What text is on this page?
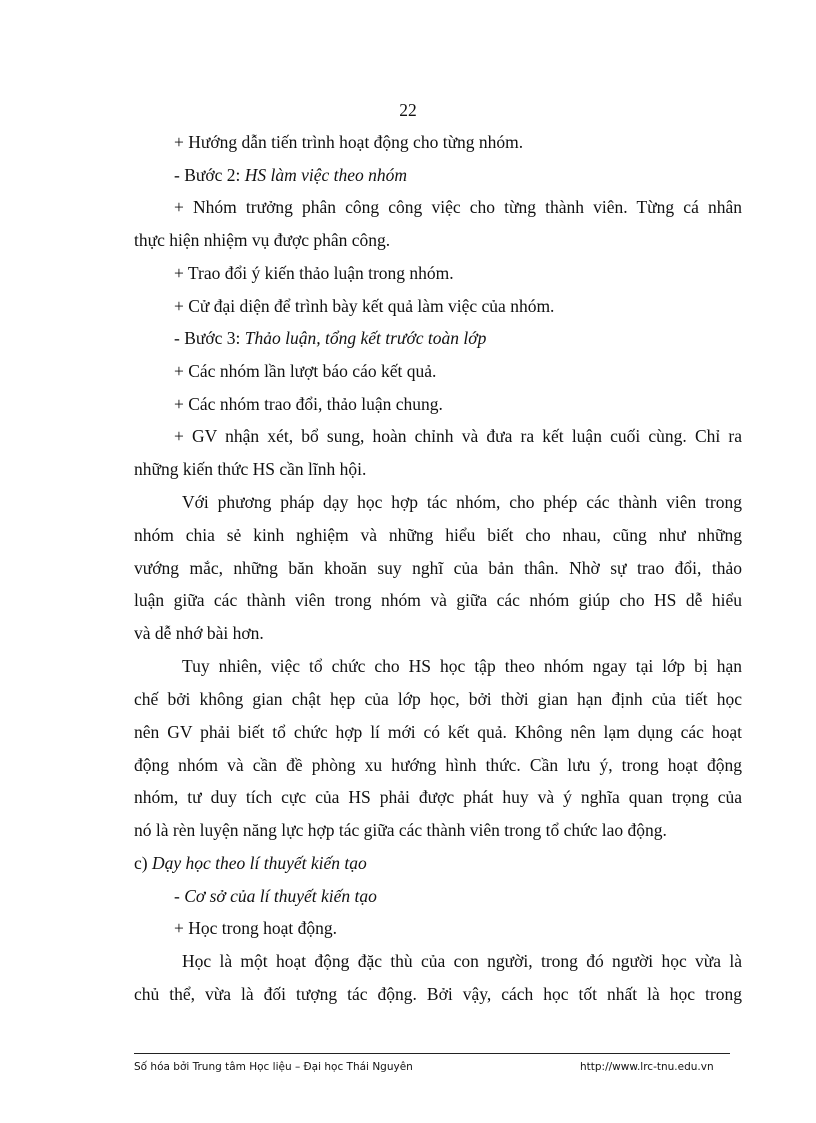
22
+ Hướng dẫn tiến trình hoạt động cho từng nhóm.
- Bước 2: HS làm việc theo nhóm
+ Nhóm trưởng phân công công việc cho từng thành viên. Từng cá nhân
thực hiện nhiệm vụ được phân công.
+ Trao đổi ý kiến thảo luận trong nhóm.
+ Cử đại diện để trình bày kết quả làm việc của nhóm.
- Bước 3: Thảo luận, tổng kết trước toàn lớp
+ Các nhóm lần lượt báo cáo kết quả.
+ Các nhóm trao đổi, thảo luận chung.
+ GV nhận xét, bổ sung, hoàn chỉnh và đưa ra kết luận cuối cùng. Chỉ ra
những kiến thức HS cần lĩnh hội.
Với phương pháp dạy học hợp tác nhóm, cho phép các thành viên trong
nhóm chia sẻ kinh nghiệm và những hiểu biết cho nhau, cũng như những
vướng mắc, những băn khoăn suy nghĩ của bản thân. Nhờ sự trao đổi, thảo
luận giữa các thành viên trong nhóm và giữa các nhóm giúp cho HS dễ hiểu
và dễ nhớ bài hơn.
Tuy nhiên, việc tổ chức cho HS học tập theo nhóm ngay tại lớp bị hạn
chế bởi không gian chật hẹp của lớp học, bởi thời gian hạn định của tiết học
nên GV phải biết tổ chức hợp lí mới có kết quả. Không nên lạm dụng các hoạt
động nhóm và cần đề phòng xu hướng hình thức. Cần lưu ý, trong hoạt động
nhóm, tư duy tích cực của HS phải được phát huy và ý nghĩa quan trọng của
nó là rèn luyện năng lực hợp tác giữa các thành viên trong tổ chức lao động.
c) Dạy học theo lí thuyết kiến tạo
- Cơ sở của lí thuyết kiến tạo
+ Học trong hoạt động.
Học là một hoạt động đặc thù của con người, trong đó người học vừa là
chủ thể, vừa là đối tượng tác động. Bởi vậy, cách học tốt nhất là học trong
Số hóa bởi Trung tâm Học liệu – Đại học Thái Nguyên	http://www.lrc-tnu.edu.vn
